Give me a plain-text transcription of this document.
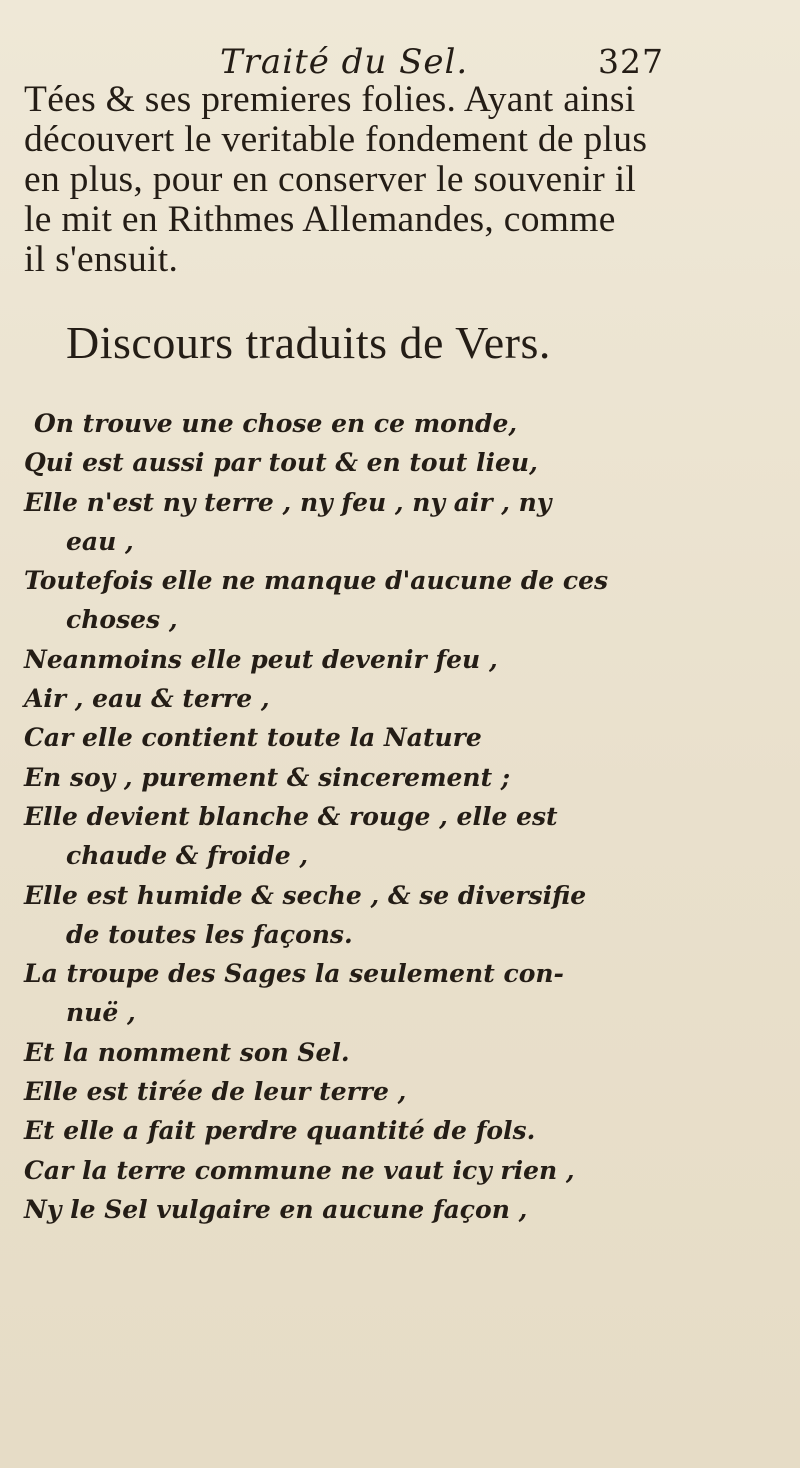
Traité du Sel.	327
Tées & ses premieres folies. Ayant ainsi
découvert le veritable fondement de plus
en plus, pour en conserver le souvenir il
le mit en Rithmes Allemandes, comme
il s'ensuit.
Discours traduits de Vers.
On trouve une chose en ce monde,
Qui est aussi par tout & en tout lieu,
Elle n'est ny terre , ny feu , ny air , ny
eau ,
Toutefois elle ne manque d'aucune de ces
choses ,
Neanmoins elle peut devenir feu ,
Air , eau & terre ,
Car elle contient toute la Nature
En soy , purement & sincerement ;
Elle devient blanche & rouge , elle est
chaude & froide ,
Elle est humide & seche , & se diversifie
de toutes les façons.
La troupe des Sages la seulement con-
nuë ,
Et la nomment son Sel.
Elle est tirée de leur terre ,
Et elle a fait perdre quantité de fols.
Car la terre commune ne vaut icy rien ,
Ny le Sel vulgaire en aucune façon ,
